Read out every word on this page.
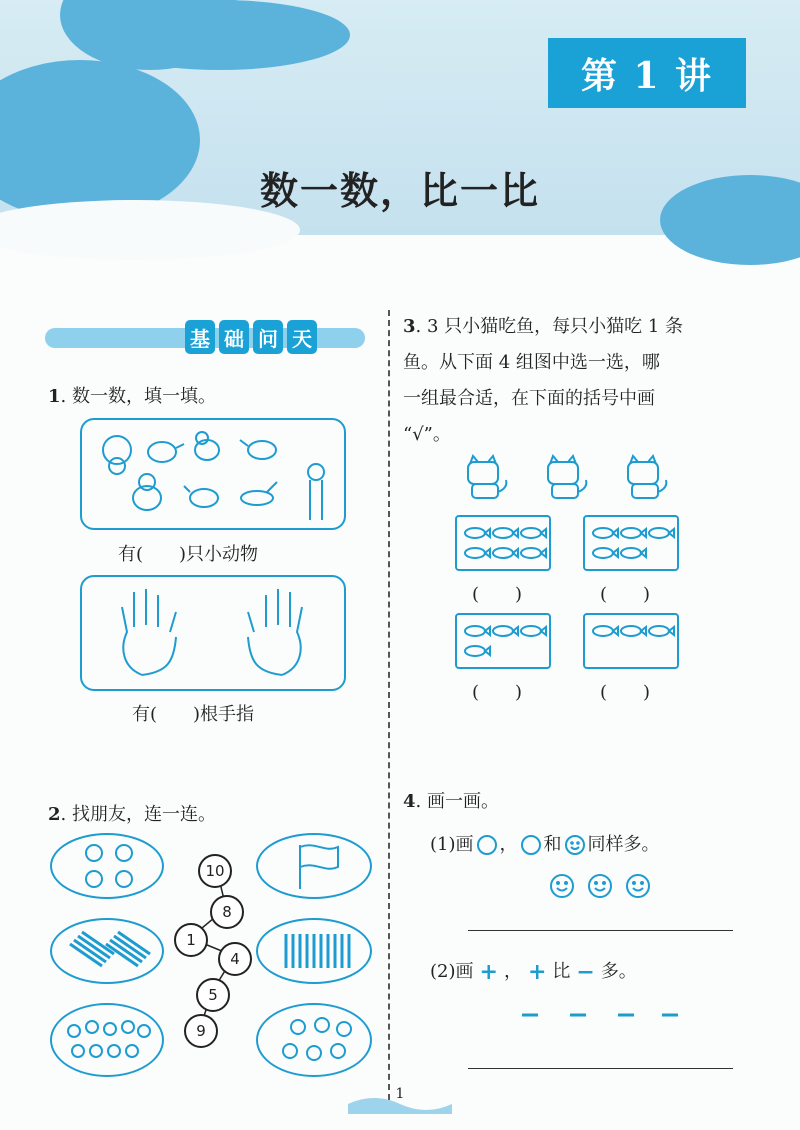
第 1 讲
数一数，比一比
基 础 问 天
1. 数一数，填一填。
有(　　)只小动物
有(　　)根手指
2. 找朋友，连一连。
10
8
1
4
5
9
3. 3 只小猫吃鱼，每只小猫吃 1 条
鱼。从下面 4 组图中选一选，哪
一组最合适，在下面的括号中画
“√”。
(　　)	(　　)
(　　)	(　　)
4. 画一画。
(1)画 ， 和 同样多。
(2)画 + ， + 比 − 多。
1
